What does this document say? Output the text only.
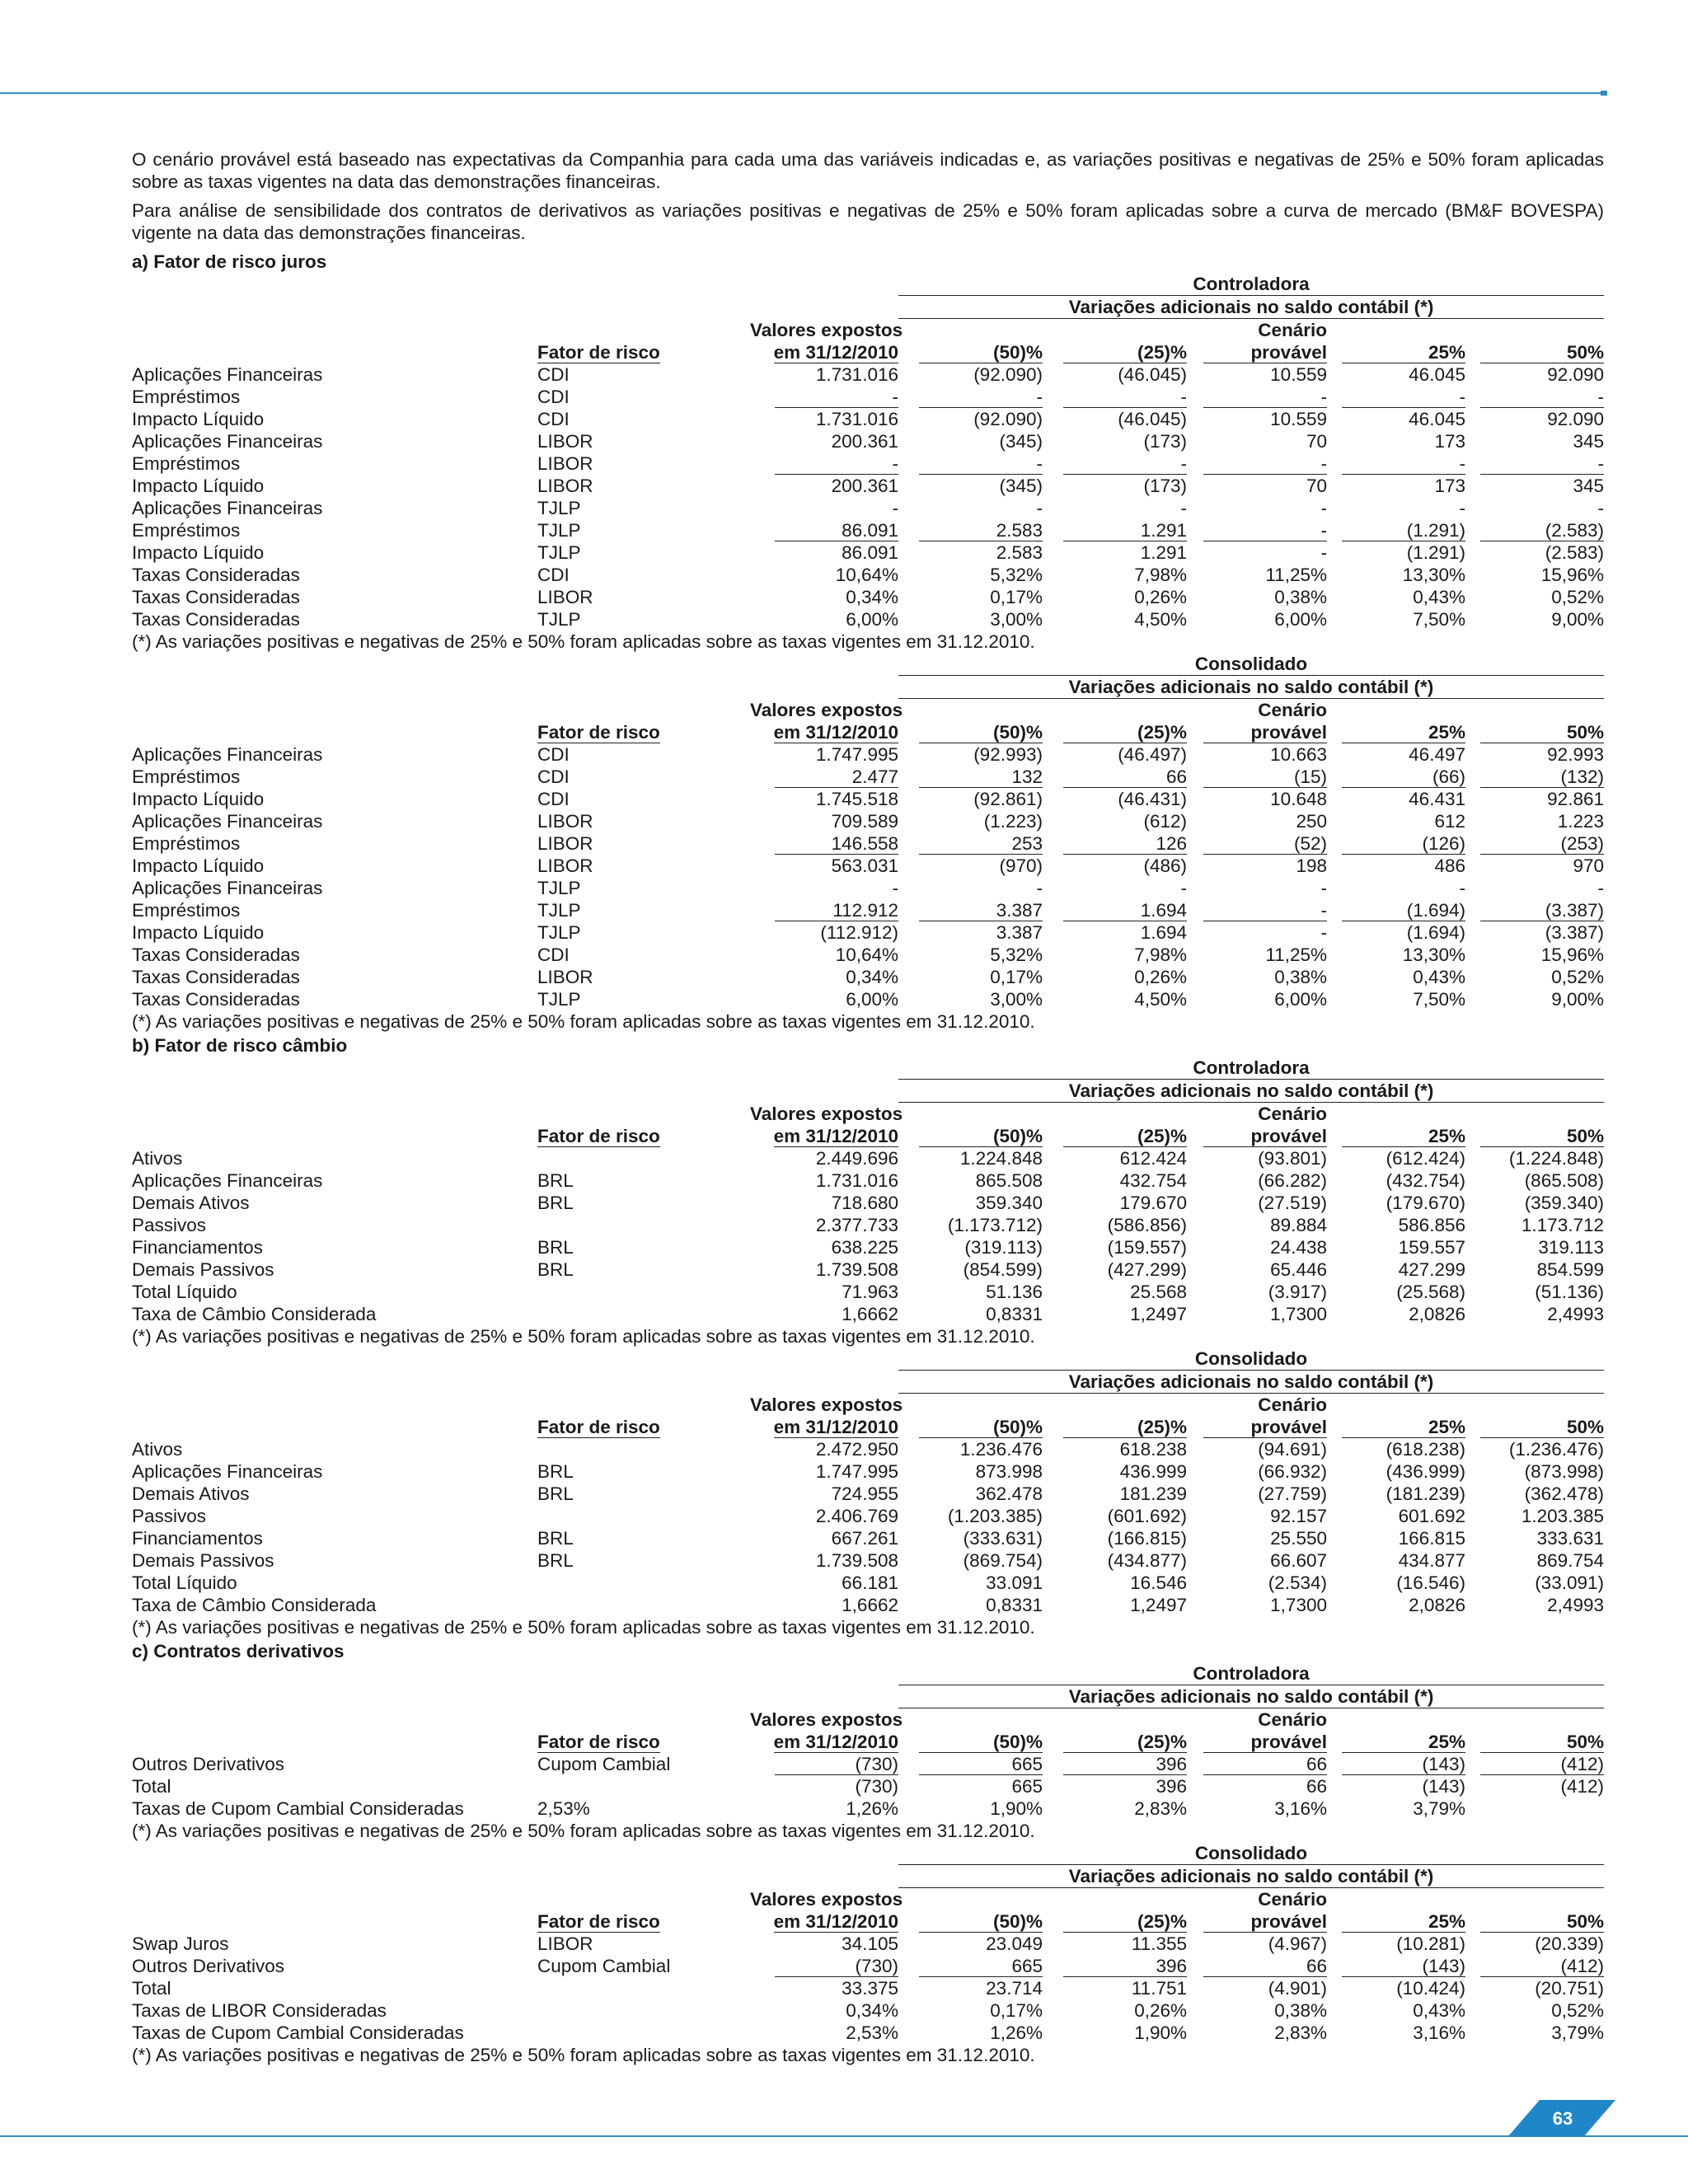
O cenário provável está baseado nas expectativas da Companhia para cada uma das variáveis indicadas e, as variações positivas e negativas de 25% e 50% foram aplicadas sobre as taxas vigentes na data das demonstrações financeiras.

Para análise de sensibilidade dos contratos de derivativos as variações positivas e negativas de 25% e 50% foram aplicadas sobre a curva de mercado (BM&F BOVESPA) vigente na data das demonstrações financeiras.

a) Fator de risco juros
			Controladora				
			Variações adicionais no saldo contábil (*)				
		Valores expostos			Cenário		
	Fator de risco	em 31/12/2010	(50)%	(25)%	provável	25%	50%
Aplicações Financeiras	CDI	1.731.016	(92.090)	(46.045)	10.559	46.045	92.090
Empréstimos	CDI	-	-	-	-	-	-
Impacto Líquido	CDI	1.731.016	(92.090)	(46.045)	10.559	46.045	92.090
Aplicações Financeiras	LIBOR	200.361	(345)	(173)	70	173	345
Empréstimos	LIBOR	-	-	-	-	-	-
Impacto Líquido	LIBOR	200.361	(345)	(173)	70	173	345
Aplicações Financeiras	TJLP	-	-	-	-	-	-
Empréstimos	TJLP	86.091	2.583	1.291	-	(1.291)	(2.583)
Impacto Líquido	TJLP	86.091	2.583	1.291	-	(1.291)	(2.583)
Taxas Consideradas	CDI	10,64%	5,32%	7,98%	11,25%	13,30%	15,96%
Taxas Consideradas	LIBOR	0,34%	0,17%	0,26%	0,38%	0,43%	0,52%
Taxas Consideradas	TJLP	6,00%	3,00%	4,50%	6,00%	7,50%	9,00%
(*) As variações positivas e negativas de 25% e 50% foram aplicadas sobre as taxas vigentes em 31.12.2010.
			Consolidado				
			Variações adicionais no saldo contábil (*)				
		Valores expostos			Cenário		
	Fator de risco	em 31/12/2010	(50)%	(25)%	provável	25%	50%
Aplicações Financeiras	CDI	1.747.995	(92.993)	(46.497)	10.663	46.497	92.993
Empréstimos	CDI	2.477	132	66	(15)	(66)	(132)
Impacto Líquido	CDI	1.745.518	(92.861)	(46.431)	10.648	46.431	92.861
Aplicações Financeiras	LIBOR	709.589	(1.223)	(612)	250	612	1.223
Empréstimos	LIBOR	146.558	253	126	(52)	(126)	(253)
Impacto Líquido	LIBOR	563.031	(970)	(486)	198	486	970
Aplicações Financeiras	TJLP	-	-	-	-	-	-
Empréstimos	TJLP	112.912	3.387	1.694	-	(1.694)	(3.387)
Impacto Líquido	TJLP	(112.912)	3.387	1.694	-	(1.694)	(3.387)
Taxas Consideradas	CDI	10,64%	5,32%	7,98%	11,25%	13,30%	15,96%
Taxas Consideradas	LIBOR	0,34%	0,17%	0,26%	0,38%	0,43%	0,52%
Taxas Consideradas	TJLP	6,00%	3,00%	4,50%	6,00%	7,50%	9,00%
(*) As variações positivas e negativas de 25% e 50% foram aplicadas sobre as taxas vigentes em 31.12.2010.
b) Fator de risco câmbio
			Controladora				
			Variações adicionais no saldo contábil (*)				
		Valores expostos			Cenário		
	Fator de risco	em 31/12/2010	(50)%	(25)%	provável	25%	50%
Ativos		2.449.696	1.224.848	612.424	(93.801)	(612.424)	(1.224.848)
Aplicações Financeiras	BRL	1.731.016	865.508	432.754	(66.282)	(432.754)	(865.508)
Demais Ativos	BRL	718.680	359.340	179.670	(27.519)	(179.670)	(359.340)
Passivos		2.377.733	(1.173.712)	(586.856)	89.884	586.856	1.173.712
Financiamentos	BRL	638.225	(319.113)	(159.557)	24.438	159.557	319.113
Demais Passivos	BRL	1.739.508	(854.599)	(427.299)	65.446	427.299	854.599
Total Líquido		71.963	51.136	25.568	(3.917)	(25.568)	(51.136)
Taxa de Câmbio Considerada		1,6662	0,8331	1,2497	1,7300	2,0826	2,4993
(*) As variações positivas e negativas de 25% e 50% foram aplicadas sobre as taxas vigentes em 31.12.2010.
			Consolidado				
			Variações adicionais no saldo contábil (*)				
		Valores expostos			Cenário		
	Fator de risco	em 31/12/2010	(50)%	(25)%	provável	25%	50%
Ativos		2.472.950	1.236.476	618.238	(94.691)	(618.238)	(1.236.476)
Aplicações Financeiras	BRL	1.747.995	873.998	436.999	(66.932)	(436.999)	(873.998)
Demais Ativos	BRL	724.955	362.478	181.239	(27.759)	(181.239)	(362.478)
Passivos		2.406.769	(1.203.385)	(601.692)	92.157	601.692	1.203.385
Financiamentos	BRL	667.261	(333.631)	(166.815)	25.550	166.815	333.631
Demais Passivos	BRL	1.739.508	(869.754)	(434.877)	66.607	434.877	869.754
Total Líquido		66.181	33.091	16.546	(2.534)	(16.546)	(33.091)
Taxa de Câmbio Considerada		1,6662	0,8331	1,2497	1,7300	2,0826	2,4993
(*) As variações positivas e negativas de 25% e 50% foram aplicadas sobre as taxas vigentes em 31.12.2010.
c) Contratos derivativos
			Controladora				
			Variações adicionais no saldo contábil (*)				
		Valores expostos			Cenário		
	Fator de risco	em 31/12/2010	(50)%	(25)%	provável	25%	50%
Outros Derivativos	Cupom Cambial	(730)	665	396	66	(143)	(412)
Total		(730)	665	396	66	(143)	(412)
Taxas de Cupom Cambial Consideradas	2,53%	1,26%	1,90%	2,83%	3,16%	3,79%	
(*) As variações positivas e negativas de 25% e 50% foram aplicadas sobre as taxas vigentes em 31.12.2010.
			Consolidado				
			Variações adicionais no saldo contábil (*)				
		Valores expostos			Cenário		
	Fator de risco	em 31/12/2010	(50)%	(25)%	provável	25%	50%
Swap Juros	LIBOR	34.105	23.049	11.355	(4.967)	(10.281)	(20.339)
Outros Derivativos	Cupom Cambial	(730)	665	396	66	(143)	(412)
Total		33.375	23.714	11.751	(4.901)	(10.424)	(20.751)
Taxas de LIBOR Consideradas		0,34%	0,17%	0,26%	0,38%	0,43%	0,52%
Taxas de Cupom Cambial Consideradas		2,53%	1,26%	1,90%	2,83%	3,16%	3,79%
(*) As variações positivas e negativas de 25% e 50% foram aplicadas sobre as taxas vigentes em 31.12.2010.
63
